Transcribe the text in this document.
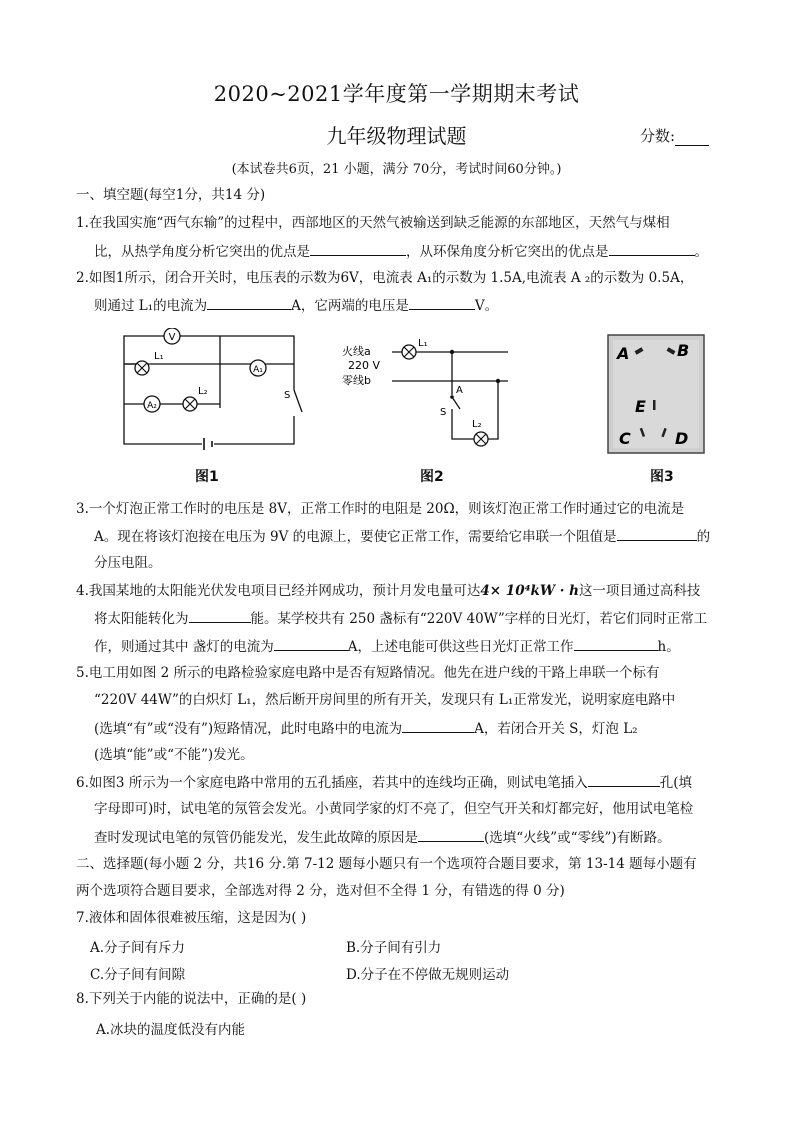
2020~2021学年度第一学期期末考试
九年级物理试题	分数:
(本试卷共6页，21 小题，满分 70分，考试时间60分钟。)
一、填空题(每空1分，共14 分)
1.在我国实施“西气东输”的过程中，西部地区的天然气被输送到缺乏能源的东部地区，天然气与煤相
比，从热学角度分析它突出的优点是	，从环保角度分析它突出的优点是	。
2.如图1所示，闭合开关时，电压表的示数为6V，电流表 A₁的示数为 1.5A,电流表 A ₂的示数为 0.5A，
则通过 L₁的电流为	A，它两端的电压是	V。
V
L₁
A₁
S
A₂
L₂
图1
火线a
220 V
零线b
L₁
A
S
L₂
图2
A	B
E
C	D
图3
3.一个灯泡正常工作时的电压是 8V，正常工作时的电阻是 20Ω，则该灯泡正常工作时通过它的电流是
A。现在将该灯泡接在电压为 9V 的电源上，要使它正常工作，需要给它串联一个阻值是	的
分压电阻。
4.我国某地的太阳能光伏发电项目已经并网成功，预计月发电量可达4× 10⁴kW · h这一项目通过高科技
将太阳能转化为	能。某学校共有 250 盏标有“220V 40W”字样的日光灯，若它们同时正常工
作，则通过其中 盏灯的电流为	A，上述电能可供这些日光灯正常工作	h。
5.电工用如图 2 所示的电路检验家庭电路中是否有短路情况。他先在进户线的干路上串联一个标有
“220V 44W”的白炽灯 L₁，然后断开房间里的所有开关，发现只有 L₁正常发光，说明家庭电路中
(选填“有”或“没有”)短路情况，此时电路中的电流为	A，若闭合开关 S，灯泡 L₂
(选填“能”或“不能”)发光。
6.如图3 所示为一个家庭电路中常用的五孔插座，若其中的连线均正确，则试电笔插入	孔(填
字母即可)时，试电笔的氖管会发光。小黄同学家的灯不亮了，但空气开关和灯都完好，他用试电笔检
查时发现试电笔的氖管仍能发光，发生此故障的原因是	(选填“火线”或“零线”)有断路。
二、选择题(每小题 2 分，共16 分.第 7-12 题每小题只有一个选项符合题目要求，第 13-14 题每小题有
两个选项符合题目要求，全部选对得 2 分，选对但不全得 1 分，有错选的得 0 分)
7.液体和固体很难被压缩，这是因为( )
A.分子间有斥力	B.分子间有引力
C.分子间有间隙	D.分子在不停做无规则运动
8.下列关于内能的说法中，正确的是( )
A.冰块的温度低没有内能
